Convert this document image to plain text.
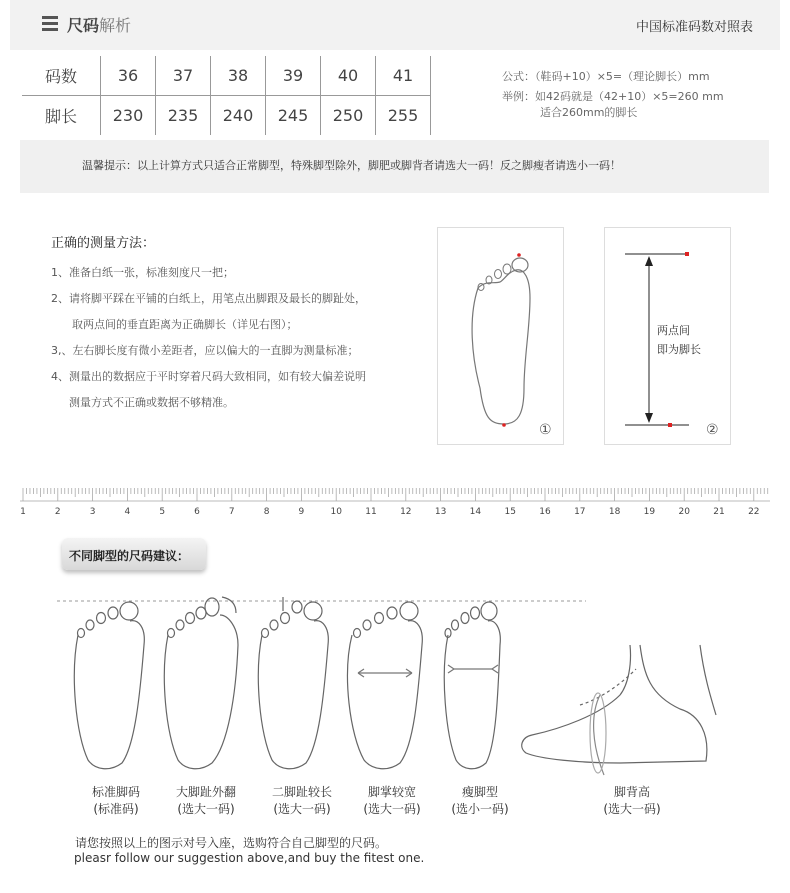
尺码解析	中国标准码数对照表
码数	36	37	38	39	40	41	
脚长	230	235	240	245	250	255	
公式：（鞋码+10）×5=（理论脚长）mm
举例：如42码就是（42+10）×5=260 mm
适合260mm的脚长
温馨提示：以上计算方式只适合正常脚型，特殊脚型除外，脚肥或脚背者请选大一码！反之脚瘦者请选小一码！
正确的测量方法：
1、准备白纸一张，标准刻度尺一把；
2、请将脚平踩在平铺的白纸上，用笔点出脚跟及最长的脚趾处，
取两点间的垂直距离为正确脚长（详见右图）；
3,、左右脚长度有微小差距者，应以偏大的一直脚为测量标准；
4、测量出的数据应于平时穿着尺码大致相同，如有较大偏差说明
测量方式不正确或数据不够精准。
①	②
两点间
即为脚长
1	2	3	4	5	6	7	8	9	10	11	12	13	14	15	16	17	18	19	20	21	22
不同脚型的尺码建议：
标准脚码
(标准码)
大脚趾外翻
(选大一码)
二脚趾较长
(选大一码)
脚掌较宽
(选大一码)
瘦脚型
(选小一码)
脚背高
(选大一码)
请您按照以上的图示对号入座，选购符合自己脚型的尺码。
pleasr follow our suggestion above,and buy the fitest one.
